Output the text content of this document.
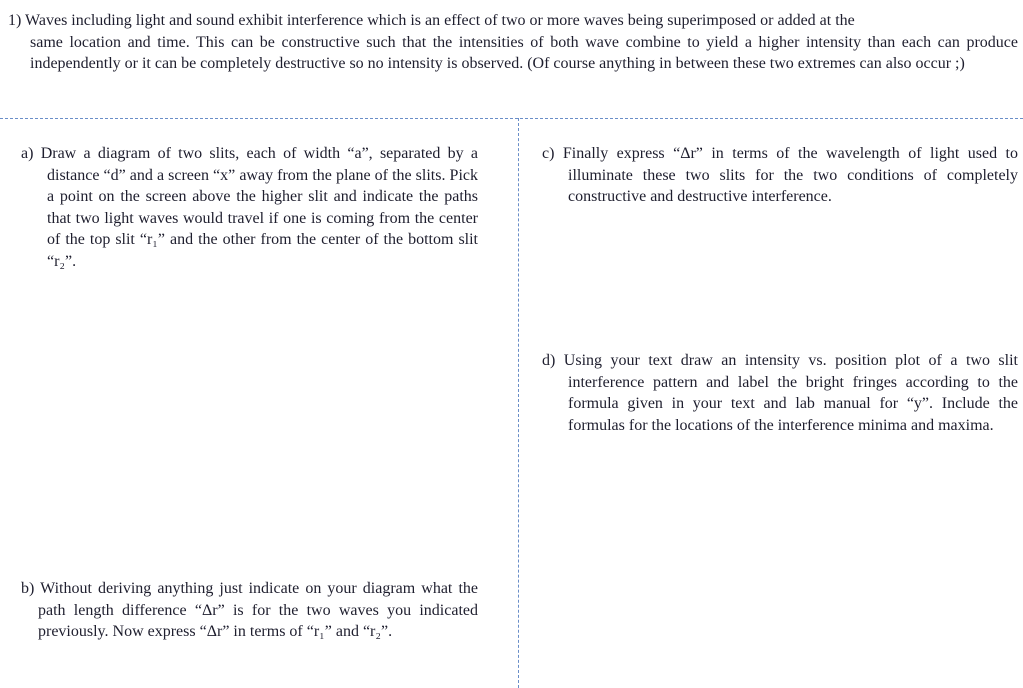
1) Waves including light and sound exhibit interference which is an effect of two or more waves being superimposed or added at the
same location and time. This can be constructive such that the intensities of both wave combine to yield a higher intensity than each can produce independently or it can be completely destructive so no intensity is observed. (Of course anything in between these two extremes can also occur ;)
a) Draw a diagram of two slits, each of width “a”, separated by a distance “d” and a screen “x” away from the plane of the slits. Pick a point on the screen above the higher slit and indicate the paths that two light waves would travel if one is coming from the center of the top slit “r₁” and the other from the center of the bottom slit “r₂”.
b) Without deriving anything just indicate on your diagram what the path length difference “Δr” is for the two waves you indicated previously. Now express “Δr” in terms of “r₁” and “r₂”.
c) Finally express “Δr” in terms of the wavelength of light used to illuminate these two slits for the two conditions of completely constructive and destructive interference.
d) Using your text draw an intensity vs. position plot of a two slit interference pattern and label the bright fringes according to the formula given in your text and lab manual for “y”. Include the formulas for the locations of the interference minima and maxima.
